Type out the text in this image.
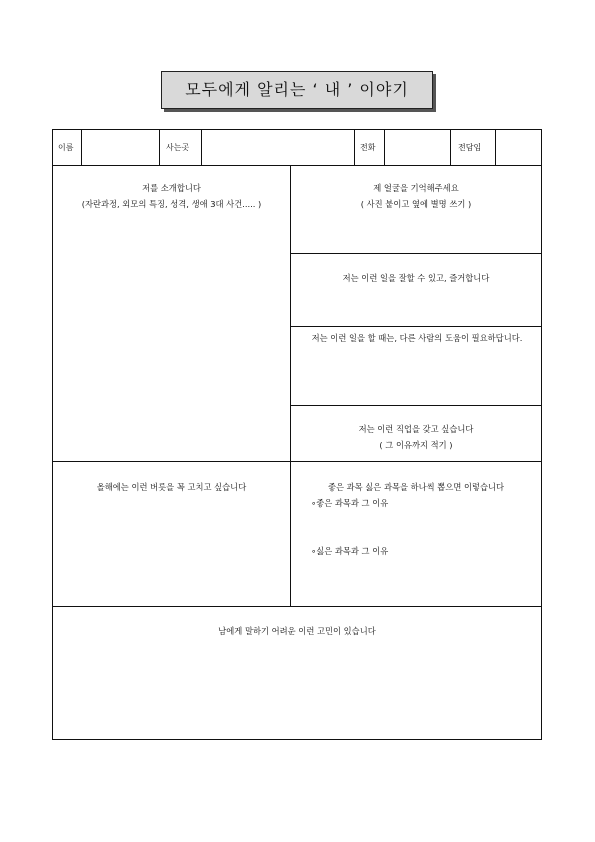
모두에게 알리는 ‘ 내 ’ 이야기
이름	사는곳	전화	전담임
저를 소개합니다
(자란과정, 외모의 특징, 성격, 생애 3대 사건..... )
제 얼굴을 기억해주세요
( 사진 붙이고 옆에 별명 쓰기 )
저는 이런 일을 잘할 수 있고, 즐거합니다
저는 이런 일을 할 때는, 다른 사람의 도움이 필요하답니다.
저는 이런 직업을 갖고 싶습니다
( 그 이유까지 적기 )
올해에는 이런 버릇을 꼭 고치고 싶습니다	좋은 과목 싫은 과목을 하나씩 뽑으면 이렇습니다
∘좋은 과목과 그 이유
∘싫은 과목과 그 이유
남에게 말하기 어려운 이런 고민이 있습니다
